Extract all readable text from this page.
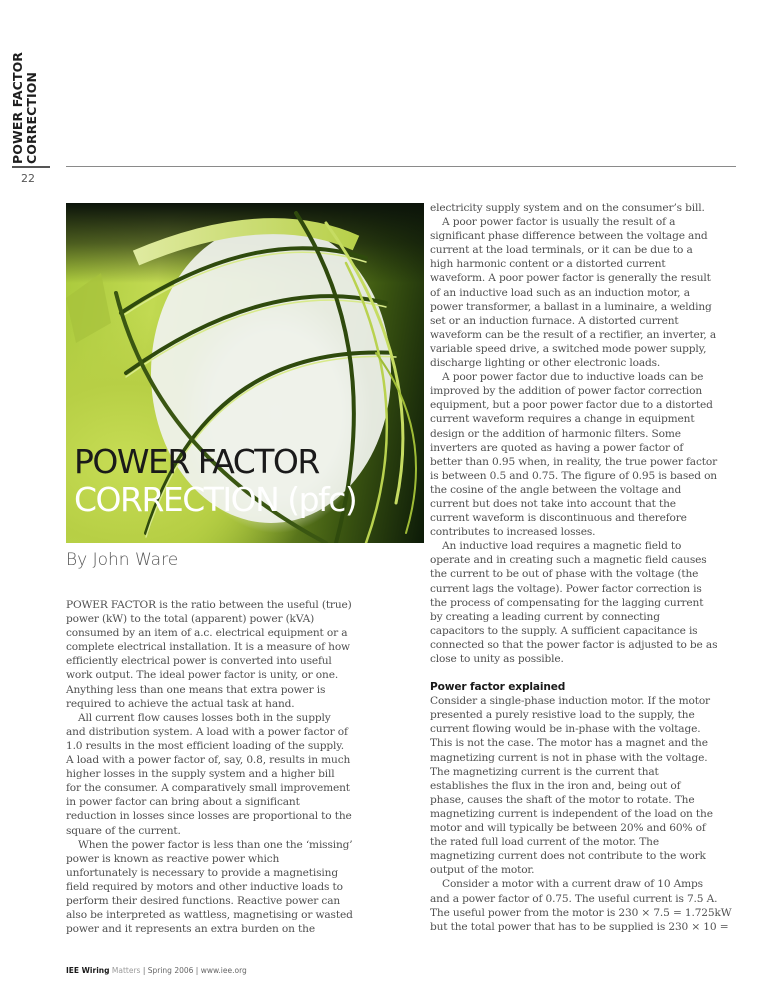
POWER FACTOR CORRECTION
22
POWER FACTOR
CORRECTION (pfc)
By John Ware
POWER FACTOR is the ratio between the useful (true)
power (kW) to the total (apparent) power (kVA)
consumed by an item of a.c. electrical equipment or a
complete electrical installation. It is a measure of how
efficiently electrical power is converted into useful
work output. The ideal power factor is unity, or one.
Anything less than one means that extra power is
required to achieve the actual task at hand.
All current flow causes losses both in the supply
and distribution system. A load with a power factor of
1.0 results in the most efficient loading of the supply.
A load with a power factor of, say, 0.8, results in much
higher losses in the supply system and a higher bill
for the consumer. A comparatively small improvement
in power factor can bring about a significant
reduction in losses since losses are proportional to the
square of the current.
When the power factor is less than one the ‘missing’
power is known as reactive power which
unfortunately is necessary to provide a magnetising
field required by motors and other inductive loads to
perform their desired functions. Reactive power can
also be interpreted as wattless, magnetising or wasted
power and it represents an extra burden on the
electricity supply system and on the consumer’s bill.
A poor power factor is usually the result of a
significant phase difference between the voltage and
current at the load terminals, or it can be due to a
high harmonic content or a distorted current
waveform. A poor power factor is generally the result
of an inductive load such as an induction motor, a
power transformer, a ballast in a luminaire, a welding
set or an induction furnace. A distorted current
waveform can be the result of a rectifier, an inverter, a
variable speed drive, a switched mode power supply,
discharge lighting or other electronic loads.
A poor power factor due to inductive loads can be
improved by the addition of power factor correction
equipment, but a poor power factor due to a distorted
current waveform requires a change in equipment
design or the addition of harmonic filters. Some
inverters are quoted as having a power factor of
better than 0.95 when, in reality, the true power factor
is between 0.5 and 0.75. The figure of 0.95 is based on
the cosine of the angle between the voltage and
current but does not take into account that the
current waveform is discontinuous and therefore
contributes to increased losses.
An inductive load requires a magnetic field to
operate and in creating such a magnetic field causes
the current to be out of phase with the voltage (the
current lags the voltage). Power factor correction is
the process of compensating for the lagging current
by creating a leading current by connecting
capacitors to the supply. A sufficient capacitance is
connected so that the power factor is adjusted to be as
close to unity as possible.
Power factor explained
Consider a single-phase induction motor. If the motor
presented a purely resistive load to the supply, the
current flowing would be in-phase with the voltage.
This is not the case. The motor has a magnet and the
magnetizing current is not in phase with the voltage.
The magnetizing current is the current that
establishes the flux in the iron and, being out of
phase, causes the shaft of the motor to rotate. The
magnetizing current is independent of the load on the
motor and will typically be between 20% and 60% of
the rated full load current of the motor. The
magnetizing current does not contribute to the work
output of the motor.
Consider a motor with a current draw of 10 Amps
and a power factor of 0.75. The useful current is 7.5 A.
The useful power from the motor is 230 × 7.5 = 1.725kW
but the total power that has to be supplied is 230 × 10 =
IEE Wiring Matters | Spring 2006 | www.iee.org
